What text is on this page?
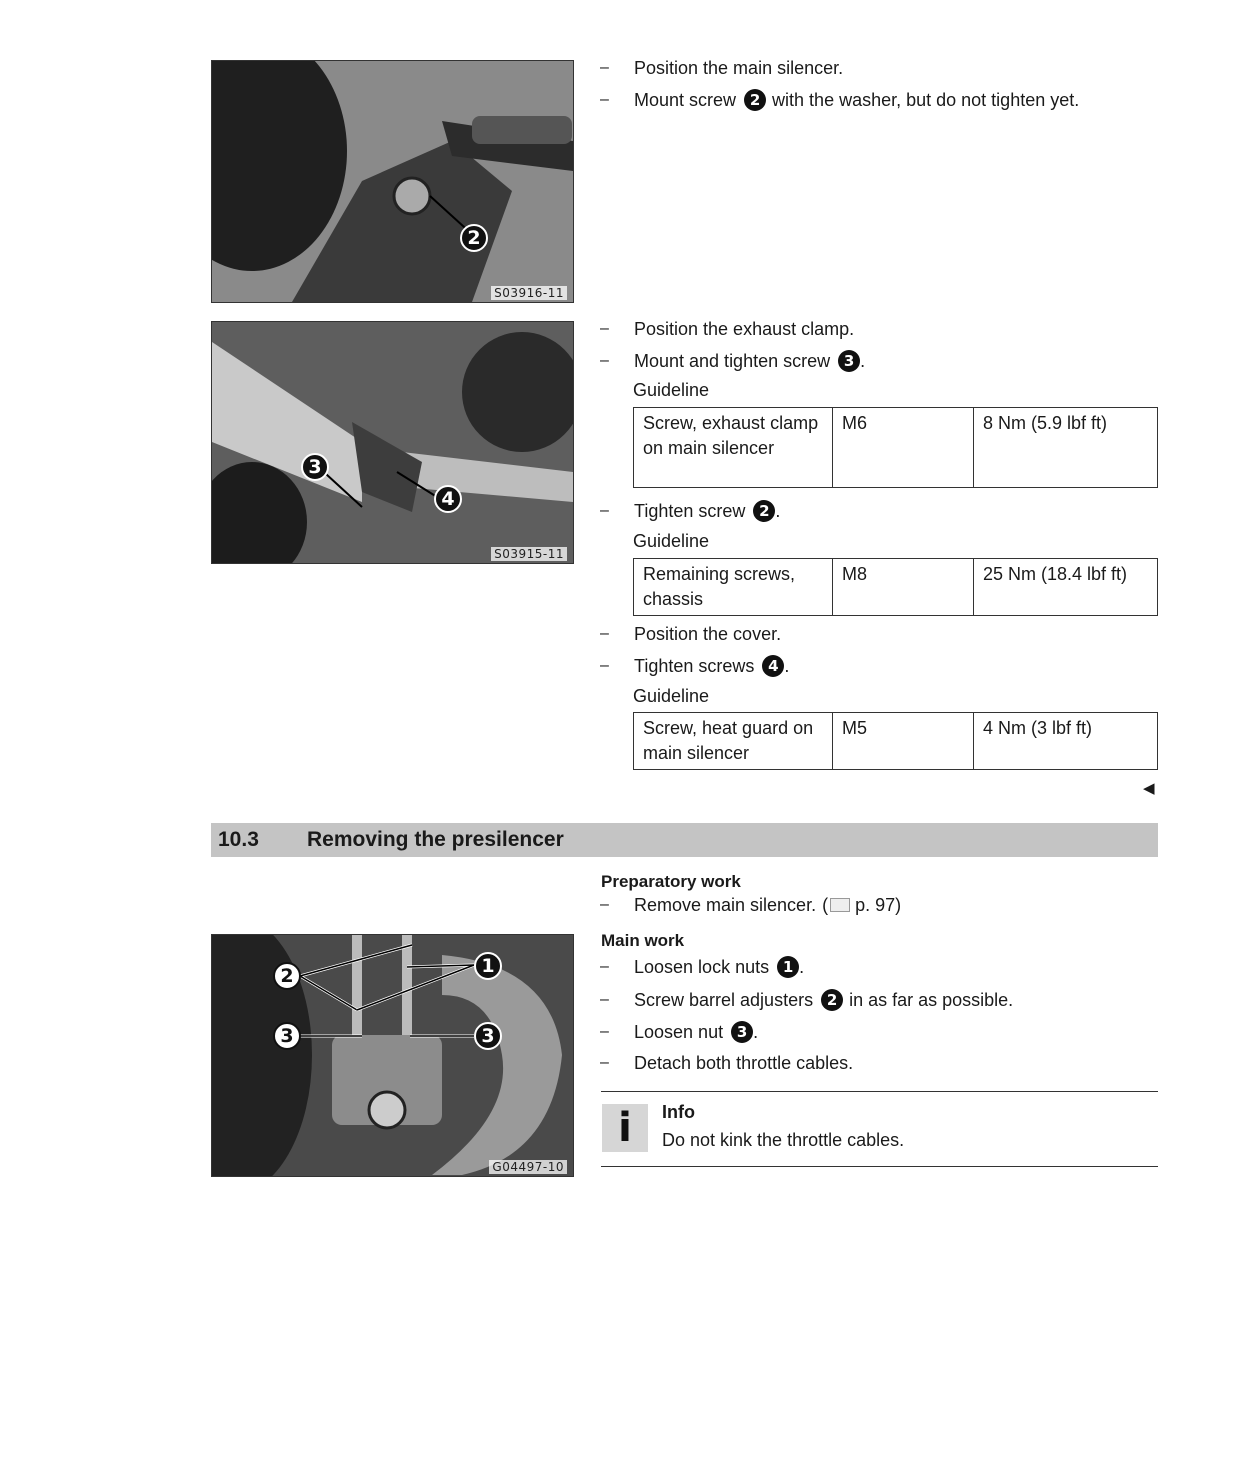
2
S03916-11
3
4
S03915-11
–	Position the main silencer.
–	Mount screw 2 with the washer, but do not tighten yet.
–	Position the exhaust clamp.
–	Mount and tighten screw 3 .
Guideline
Screw, exhaust clamp on main silencer	M6	8 Nm (5.9 lbf ft)
–	Tighten screw 2 .
Guideline
Remaining screws, chassis	M8	25 Nm (18.4 lbf ft)
–	Position the cover.
–	Tighten screws 4 .
Guideline
Screw, heat guard on main silencer	M5	4 Nm (3 lbf ft)
◀
10.3	Removing the presilencer
2	1
3	3
G04497-10
Preparatory work
–	Remove main silencer. ( p. 97)
Main work
–	Loosen lock nuts 1 .
–	Screw barrel adjusters 2 in as far as possible.
–	Loosen nut 3 .
–	Detach both throttle cables.
i Info
Do not kink the throttle cables.
